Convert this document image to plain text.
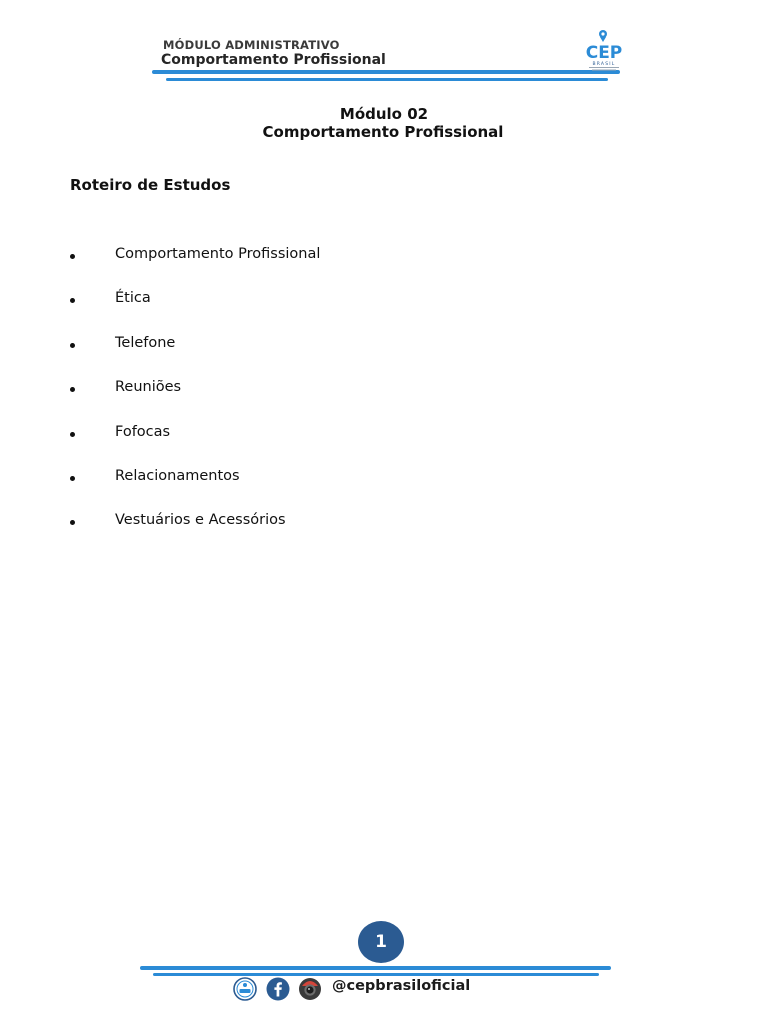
MÓDULO ADMINISTRATIVO
Comportamento Profissional	CEP
BRASIL
Módulo 02
Comportamento Profissional
Roteiro de Estudos
Comportamento Profissional
Ética
Telefone
Reuniões
Fofocas
Relacionamentos
Vestuários e Acessórios
1
@cepbrasiloficial
